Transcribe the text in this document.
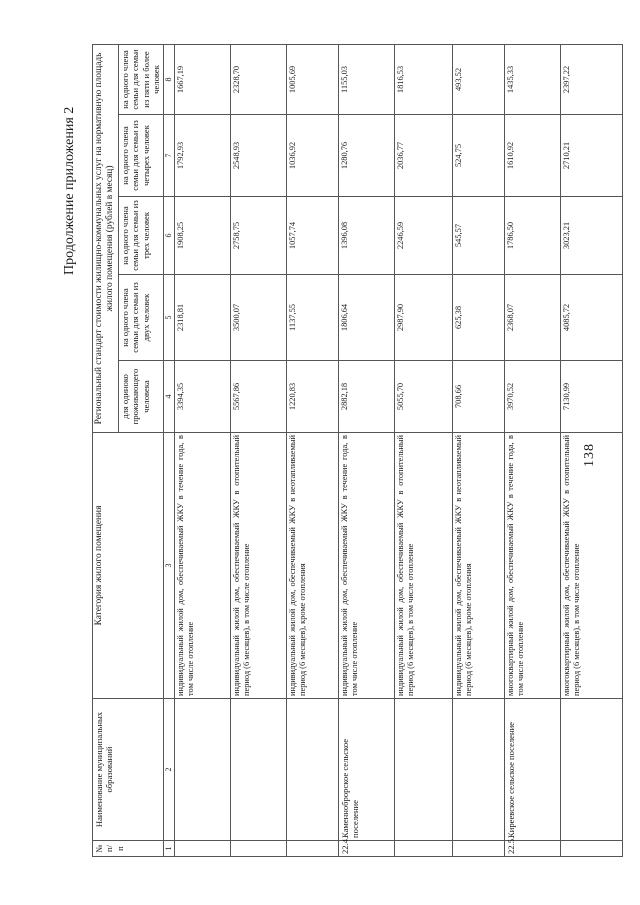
138
Продолжение приложения 2
№ п/п	Наименование муниципальных образований	Категория жилого помещения	Региональный стандарт стоимости жилищно-коммунальных услуг на нормативную площадь жилого помещения (рублей в месяц)				
			для одиноко проживающего человека	на одного члена семьи для семьи из двух человек	на одного члена семьи для семьи из трех человек	на одного члена семьи для семьи из четырех человек	на одного члена семьи для семьи из пяти и более человек
1	2	3	4	5	6	7	8
		индивидуальный жилой дом, обеспечиваемый ЖКУ в течение года, в том числе отопление	3394,35	2318,81	1908,25	1792,93	1667,19
		индивидуальный жилой дом, обеспечиваемый ЖКУ в отопительный период (6 месяцев), в том числе отопление	5567,86	3500,07	2758,75	2548,93	2328,70
		индивидуальный жилой дом, обеспечиваемый ЖКУ в неотапливаемый период (6 месяцев), кроме отопления	1220,83	1137,55	1057,74	1036,92	1005,69
22.4.	Каменноброрское сельское поселение	индивидуальный жилой дом, обеспечиваемый ЖКУ в течение года, в том числе отопление	2882,18	1806,64	1396,08	1280,76	1155,03
		индивидуальный жилой дом, обеспечиваемый ЖКУ в отопительный период (6 месяцев), в том числе отопление	5055,70	2987,90	2246,59	2036,77	1816,53
		индивидуальный жилой дом, обеспечиваемый ЖКУ в неотапливаемый период (6 месяцев), кроме отопления	708,66	625,38	545,57	524,75	493,52
22.5.	Киреевское сельское поселение	многоквартирный жилой дом, обеспечиваемый ЖКУ в течение года, в том числе отопление	3970,52	2368,07	1786,50	1610,92	1435,33
		многоквартирный жилой дом, обеспечиваемый ЖКУ в отопительный период (6 месяцев), в том числе отопление	7130,99	4085,72	3023,21	2710,21	2397,22
